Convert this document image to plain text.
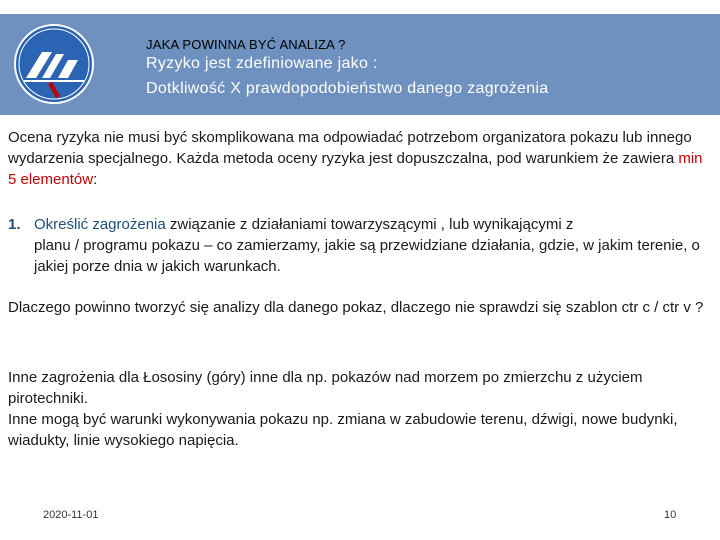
JAKA POWINNA BYĆ ANALIZA ?
Ryzyko jest zdefiniowane jako :
Dotkliwość X prawdopodobieństwo danego zagrożenia

Ocena ryzyka nie musi być skomplikowana ma odpowiadać potrzebom organizatora pokazu lub innego wydarzenia specjalnego. Każda metoda oceny ryzyka jest dopuszczalna, pod warunkiem że zawiera min 5 elementów:

1. Określić zagrożenia związanie z działaniami towarzyszącymi , lub wynikającymi z
planu / programu pokazu – co zamierzamy, jakie są przewidziane działania, gdzie, w jakim terenie, o jakiej porze dnia w jakich warunkach.

Dlaczego powinno tworzyć się analizy dla danego pokaz, dlaczego nie sprawdzi się szablon ctr c / ctr v ?

Inne zagrożenia dla Łososiny (góry) inne dla np. pokazów nad morzem po zmierzchu z użyciem pirotechniki.
Inne mogą być warunki wykonywania pokazu np. zmiana w zabudowie terenu, dźwigi, nowe budynki, wiadukty, linie wysokiego napięcia.

2020-11-01	10
